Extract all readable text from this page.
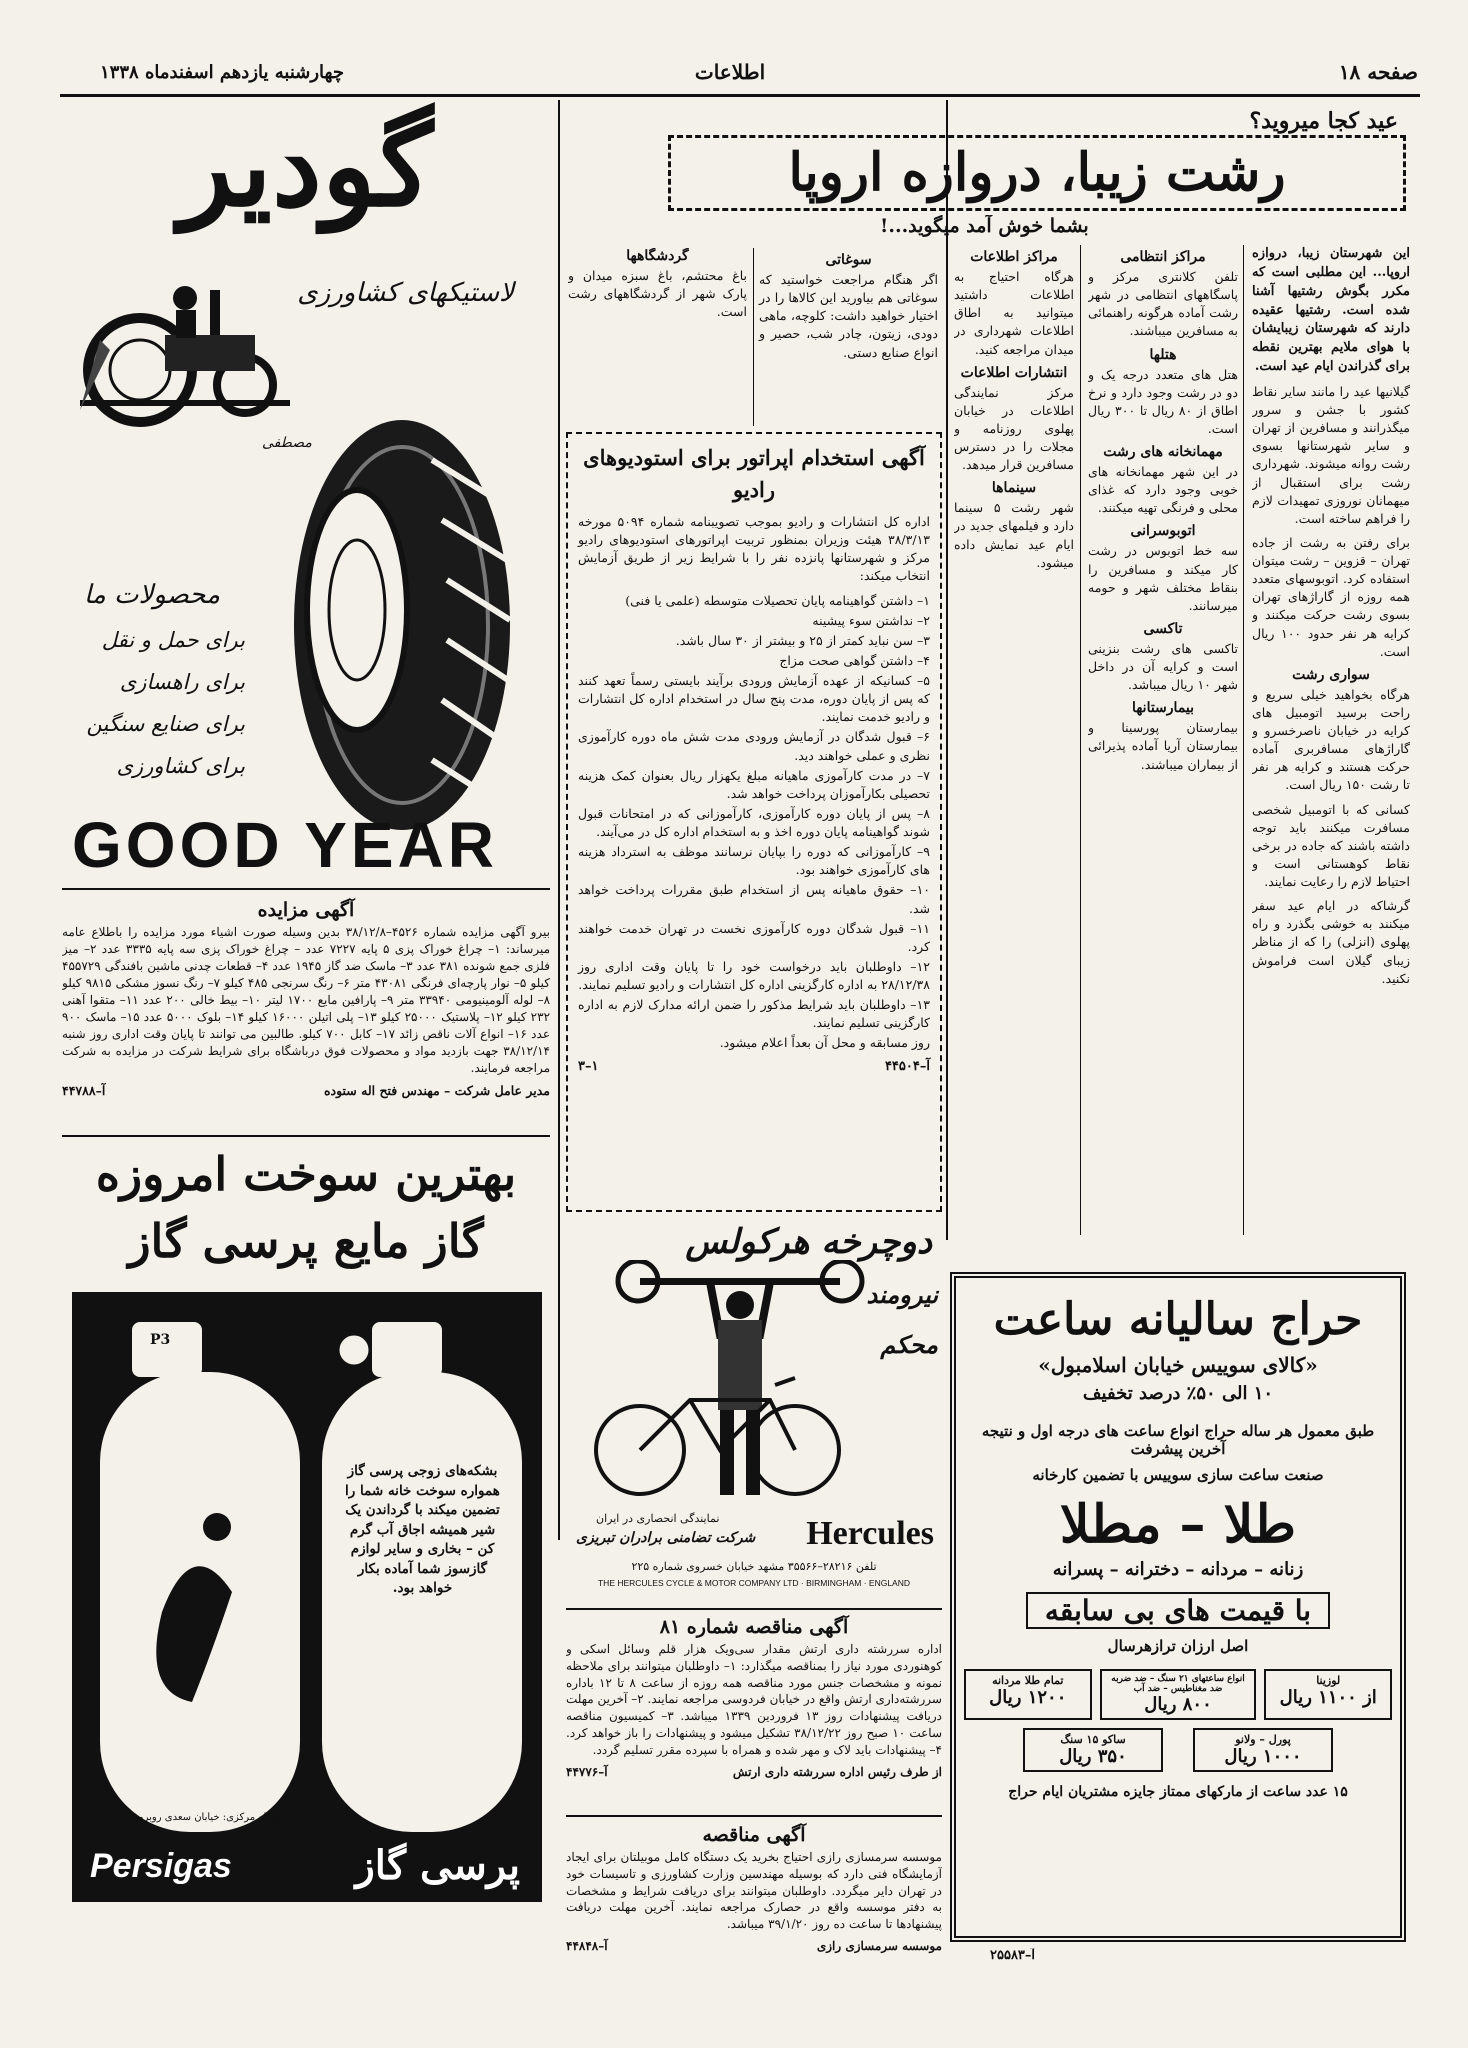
صفحه ۱۸
اطلاعات
چهارشنبه یازدهم اسفندماه ۱۳۳۸
گودیر
لاستیکهای کشاورزی
مصطفی
محصولات ما
برای حمل و نقل
برای راهسازی
برای صنایع سنگین
برای کشاورزی
GOOD YEAR
آگهی مزایده

بیرو آگهی مزایده شماره ۴۵۲۶–۳۸/۱۲/۸ بدین وسیله صورت اشیاء مورد مزایده را باطلاع عامه میرساند: ۱– چراغ خوراک پزی ۵ پایه ۷۲۲۷ عدد – چراغ خوراک پزی سه پایه ۳۳۳۵ عدد ۲– میز فلزی جمع شونده ۳۸۱ عدد ۳– ماسک ضد گاز ۱۹۴۵ عدد ۴– قطعات چدنی ماشین بافندگی ۴۵۵۷۲۹ کیلو ۵– نوار پارچه‌ای فرنگی ۴۳۰۸۱ متر ۶– رنگ سرنجی ۴۸۵ کیلو ۷– رنگ نسوز مشکی ۹۸۱۵ کیلو ۸– لوله آلومینیومی ۳۳۹۴۰ متر ۹– پارافین مایع ۱۷۰۰ لیتر ۱۰– بیط خالی ۲۰۰ عدد ۱۱– متقوا آهنی ۲۳۲ کیلو ۱۲– پلاستیک ۲۵۰۰۰ کیلو ۱۳– پلی اتیلن ۱۶۰۰۰ کیلو ۱۴– بلوک ۵۰۰۰ عدد ۱۵– ماسک ۹۰۰ عدد ۱۶– انواع آلات ناقص زائد ۱۷– کابل ۷۰۰ کیلو. طالبین می توانند تا پایان وقت اداری روز شنبه ۳۸/۱۲/۱۴ جهت بازدید مواد و محصولات فوق درباشگاه برای شرایط شرکت در مزایده به شرکت مراجعه فرمایند.

مدیر عامل شرکت – مهندس فتح اله ستوده
آ–۴۴۷۸۸
بهترین سوخت امروزه
گاز مایع پرسی گاز
P3
بشکه‌های زوجی پرسی گاز همواره سوخت خانه شما را تضمین میکند با گرداندن یک شیر همیشه اجاق آب گرم کن – بخاری و سایر لوازم گازسوز شما آماده بکار خواهد بود.
نمایشگاه مرکزی: خیابان سعدی روبروی سینما
Persigas	پرسی گاز
سوغاتی

اگر هنگام مراجعت خواستید که سوغاتی هم بیاورید این کالاها را در اختیار خواهید داشت: کلوچه، ماهی دودی، زیتون، چادر شب، حصیر و انواع صنایع دستی.

گردشگاهها

باغ محتشم، باغ سبزه میدان و پارک شهر از گردشگاههای رشت است.

آگهی استخدام اپراتور برای استودیوهای رادیو

اداره کل انتشارات و رادیو بموجب تصویبنامه شماره ۵۰۹۴ مورخه ۳۸/۳/۱۳ هیئت وزیران بمنظور تربیت اپراتورهای استودیوهای رادیو مرکز و شهرستانها پانزده نفر را با شرایط زیر از طریق آزمایش انتخاب میکند:

۱– داشتن گواهینامه پایان تحصیلات متوسطه (علمی یا فنی)

۲– نداشتن سوء پیشینه

۳– سن نباید کمتر از ۲۵ و بیشتر از ۳۰ سال باشد.

۴– داشتن گواهی صحت مزاج

۵– کسانیکه از عهده آزمایش ورودی برآیند بایستی رسماً تعهد کنند که پس از پایان دوره، مدت پنج سال در استخدام اداره کل انتشارات و رادیو خدمت نمایند.

۶– قبول شدگان در آزمایش ورودی مدت شش ماه دوره کارآموزی نظری و عملی خواهند دید.

۷– در مدت کارآموزی ماهیانه مبلغ یکهزار ریال بعنوان کمک هزینه تحصیلی بکارآموزان پرداخت خواهد شد.

۸– پس از پایان دوره کارآموزی، کارآموزانی که در امتحانات قبول شوند گواهینامه پایان دوره اخذ و به استخدام اداره کل در می‌آیند.

۹– کارآموزانی که دوره را بپایان نرسانند موظف به استرداد هزینه های کارآموزی خواهند بود.

۱۰– حقوق ماهیانه پس از استخدام طبق مقررات پرداخت خواهد شد.

۱۱– قبول شدگان دوره کارآموزی نخست در تهران خدمت خواهند کرد.

۱۲– داوطلبان باید درخواست خود را تا پایان وقت اداری روز ۲۸/۱۲/۳۸ به اداره کارگزینی اداره کل انتشارات و رادیو تسلیم نمایند.

۱۳– داوطلبان باید شرایط مذکور را ضمن ارائه مدارک لازم به اداره کارگزینی تسلیم نمایند.

روز مسابقه و محل آن بعداً اعلام میشود.

آ–۴۴۵۰۴
۱–۳
دوچرخه هرکولس
نیرومند
محکم
نمایندگی انحصاری در ایران
شرکت تضامنی برادران تبریزی Hercules
تلفن ۲۸۲۱۶–۳۵۵۶۶ مشهد خیابان خسروی شماره ۲۲۵
THE HERCULES CYCLE & MOTOR COMPANY LTD · BIRMINGHAM · ENGLAND
آگهی مناقصه شماره ۸۱

اداره سررشته داری ارتش مقدار سی‌ویک هزار قلم وسائل اسکی و کوهنوردی مورد نیاز را بمناقصه میگذارد: ۱– داوطلبان میتوانند برای ملاحظه نمونه و مشخصات جنس مورد مناقصه همه روزه از ساعت ۸ تا ۱۲ باداره سررشته‌داری ارتش واقع در خیابان فردوسی مراجعه نمایند. ۲– آخرین مهلت دریافت پیشنهادات روز ۱۳ فروردین ۱۳۳۹ میباشد. ۳– کمیسیون مناقصه ساعت ۱۰ صبح روز ۳۸/۱۲/۲۲ تشکیل میشود و پیشنهادات را باز خواهد کرد. ۴– پیشنهادات باید لاک و مهر شده و همراه با سپرده مقرر تسلیم گردد.

از طرف رئیس اداره سررشته داری ارتش
آ–۴۴۷۷۶
آگهی مناقصه

موسسه سرمسازی رازی احتیاج بخرید یک دستگاه کامل موبیلتان برای ایجاد آزمایشگاه فنی دارد که بوسیله مهندسین وزارت کشاورزی و تاسیسات خود در تهران دایر میگردد. داوطلبان میتوانند برای دریافت شرایط و مشخصات به دفتر موسسه واقع در حصارک مراجعه نمایند. آخرین مهلت دریافت پیشنهادها تا ساعت ده روز ۳۹/۱/۲۰ میباشد.

موسسه سرمسازی رازی
آ–۴۴۸۴۸
عید کجا میروید؟
رشت زیبا، دروازه اروپا
بشما خوش آمد میگوید...!

این شهرستان زیبا، دروازه اروپا... این مطلبی است که مکرر بگوش رشتیها آشنا شده است. رشتیها عقیده دارند که شهرستان زیبایشان با هوای ملایم بهترین نقطه برای گذراندن ایام عید است.

گیلانیها عید را مانند سایر نقاط کشور با جشن و سرور میگذرانند و مسافرین از تهران و سایر شهرستانها بسوی رشت روانه میشوند. شهرداری رشت برای استقبال از میهمانان نوروزی تمهیدات لازم را فراهم ساخته است.

برای رفتن به رشت از جاده تهران – قزوین – رشت میتوان استفاده کرد. اتوبوسهای متعدد همه روزه از گاراژهای تهران بسوی رشت حرکت میکنند و کرایه هر نفر حدود ۱۰۰ ریال است.

سواری رشت

هرگاه بخواهید خیلی سریع و راحت برسید اتومبیل های کرایه در خیابان ناصرخسرو و گاراژهای مسافربری آماده حرکت هستند و کرایه هر نفر تا رشت ۱۵۰ ریال است.

کسانی که با اتومبیل شخصی مسافرت میکنند باید توجه داشته باشند که جاده در برخی نقاط کوهستانی است و احتیاط لازم را رعایت نمایند.

گرشاکه در ایام عید سفر میکنند به خوشی بگذرد و راه پهلوی (انزلی) را که از مناظر زیبای گیلان است فراموش نکنید.

مراکز انتظامی

تلفن کلانتری مرکز و پاسگاههای انتظامی در شهر رشت آماده هرگونه راهنمائی به مسافرین میباشند.

هتلها

هتل های متعدد درجه یک و دو در رشت وجود دارد و نرخ اطاق از ۸۰ ریال تا ۳۰۰ ریال است.

مهمانخانه های رشت

در این شهر مهمانخانه های خوبی وجود دارد که غذای محلی و فرنگی تهیه میکنند.

اتوبوسرانی

سه خط اتوبوس در رشت کار میکند و مسافرین را بنقاط مختلف شهر و حومه میرسانند.

تاکسی

تاکسی های رشت بنزینی است و کرایه آن در داخل شهر ۱۰ ریال میباشد.

بیمارستانها

بیمارستان پورسینا و بیمارستان آریا آماده پذیرائی از بیماران میباشند.

مراکز اطلاعات

هرگاه احتیاج به اطلاعات داشتید میتوانید به اطاق اطلاعات شهرداری در میدان مراجعه کنید.

انتشارات اطلاعات

مرکز نمایندگی اطلاعات در خیابان پهلوی روزنامه و مجلات را در دسترس مسافرین قرار میدهد.

سینماها

شهر رشت ۵ سینما دارد و فیلمهای جدید در ایام عید نمایش داده میشود.

حراج سالیانه ساعت
«کالای سوییس خیابان اسلامبول»
۱۰ الی ۵۰٪ درصد تخفیف
طبق معمول هر ساله حراج انواع ساعت های درجه اول و نتیجه آخرین پیشرفت
صنعت ساعت سازی سوییس با تضمین کارخانه
طلا – مطلا
زنانه – مردانه – دخترانه – پسرانه
با قیمت های بی سابقه
اصل ارزان ترازهرسال
لوزینا
از ۱۱۰۰ ریال
انواع ساعتهای ۲۱ سنگ – ضد ضربه ضد مغناطیس – ضد آب
۸۰۰ ریال
تمام طلا مردانه
۱۲۰۰ ریال
پورل – ولانو
۱۰۰۰ ریال
ساکو ۱۵ سنگ
۳۵۰ ریال
۱۵ عدد ساعت از مارکهای ممتاز جایزه مشتریان ایام حراج
آ–۲۵۵۸۳
